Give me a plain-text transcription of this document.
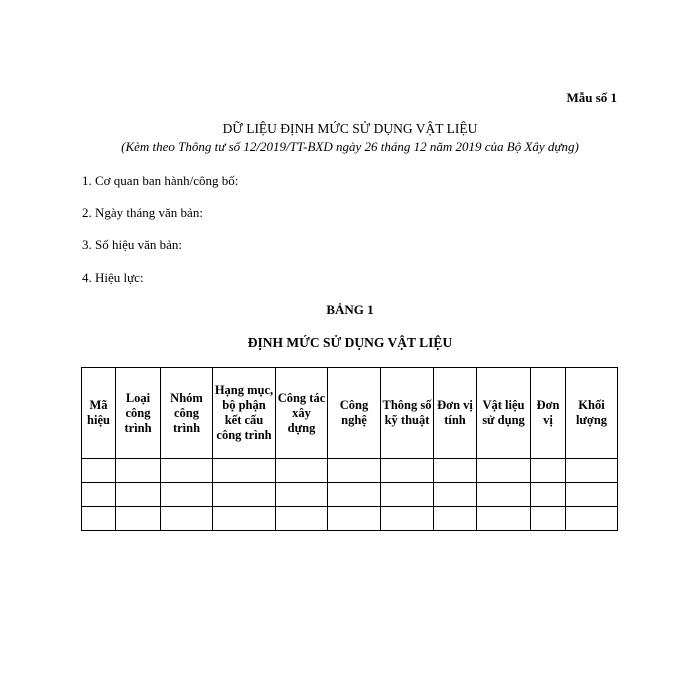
Mẫu số 1
DỮ LIỆU ĐỊNH MỨC SỬ DỤNG VẬT LIỆU
(Kèm theo Thông tư số 12/2019/TT-BXD ngày 26 tháng 12 năm 2019 của Bộ Xây dựng)
1. Cơ quan ban hành/công bố:
2. Ngày tháng văn bản:
3. Số hiệu văn bản:
4. Hiệu lực:
BẢNG 1
ĐỊNH MỨC SỬ DỤNG VẬT LIỆU
Mã hiệu	Loại công trình	Nhóm công trình	Hạng mục, bộ phận kết cấu công trình	Công tác xây dựng	Công nghệ	Thông số kỹ thuật	Đơn vị tính	Vật liệu sử dụng	Đơn vị	Khối lượng
